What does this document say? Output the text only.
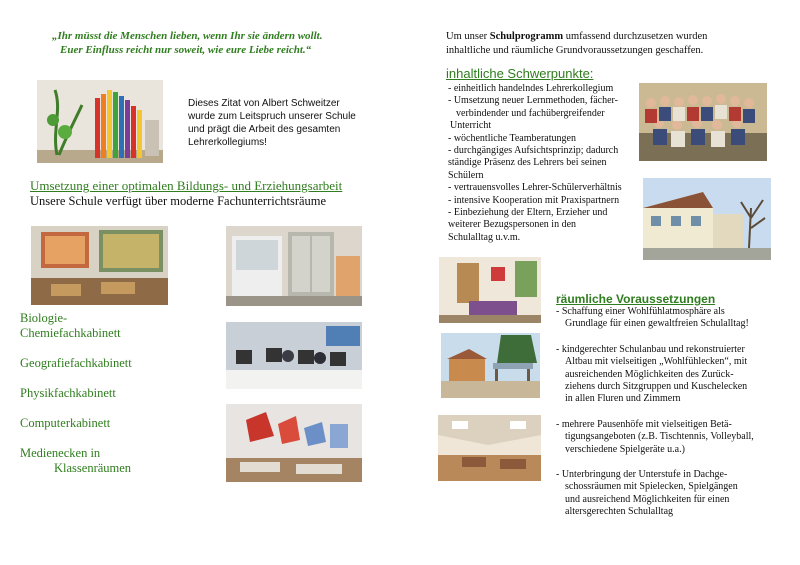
„Ihr müsst die Menschen lieben, wenn Ihr sie ändern wollt.
Euer Einfluss reicht nur soweit, wie eure Liebe reicht.“
Dieses Zitat von Albert Schweitzer
wurde zum Leitspruch unserer Schule
und prägt die Arbeit des gesamten
Lehrerkollegiums!
Umsetzung einer optimalen Bildungs- und Erziehungsarbeit
Unsere Schule verfügt über moderne Fachunterrichtsräume
Biologie-
Chemiefachkabinett
Geografiefachkabinett
Physikfachkabinett
Computerkabinett
Medienecken in
Klassenräumen
Um unser Schulprogramm umfassend durchzusetzen wurden
inhaltliche und räumliche Grundvoraussetzungen geschaffen.
inhaltliche Schwerpunkte:
- einheitlich handelndes Lehrerkollegium
- Umsetzung neuer Lernmethoden, fächer-
verbindender und fachübergreifender
Unterricht
- wöchentliche Teamberatungen
- durchgängiges Aufsichtsprinzip; dadurch
ständige Präsenz des Lehrers bei seinen
Schülern
- vertrauensvolles Lehrer-Schülerverhältnis
- intensive Kooperation mit Praxispartnern
- Einbeziehung der Eltern, Erzieher und
weiterer Bezugspersonen in den
Schulalltag u.v.m.
räumliche Voraussetzungen
- Schaffung einer Wohlfühlatmosphäre als
Grundlage für einen gewaltfreien Schulalltag!
- kindgerechter Schulanbau und rekonstruierter
Altbau mit vielseitigen „Wohlfühlecken“, mit
ausreichenden Möglichkeiten des Zurück-
ziehens durch Sitzgruppen und Kuschelecken
in allen Fluren und Zimmern
- mehrere Pausenhöfe mit vielseitigen Betä-
tigungsangeboten (z.B. Tischtennis, Volleyball,
verschiedene Spielgeräte u.a.)
- Unterbringung der Unterstufe in Dachge-
schossräumen mit Spielecken, Spielgängen
und ausreichend Möglichkeiten für einen
altersgerechten Schulalltag
